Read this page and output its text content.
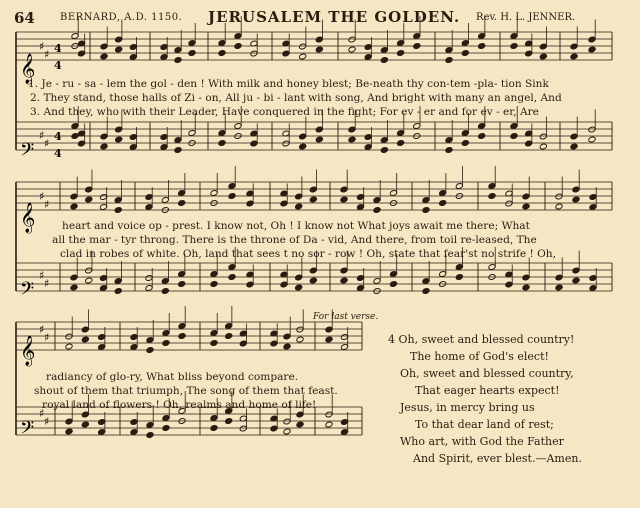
64	BERNARD, A.D. 1150. JERUSALEM THE GOLDEN. Rev. H. L. JENNER.
𝄞
𝄢
𝄞
𝄢
𝄞
𝄢
♯
♯
♯
♯
♯
♯
♯
♯
♯
♯
♯
♯
4
4
4
4
1. Je - ru - sa - lem the gol - den ! With milk and honey blest; Be-neath thy con-tem -pla- tion Sink
2. They stand, those halls of Zi - on, All ju - bi - lant with song, And bright with many an angel, And
3. And they, who with their Leader, Have conquered in the fight; For ev - er and for ev - er, Are
heart and voice op - prest. I know not, Oh ! I know not What joys await me there; What
all the mar - tyr throng. There is the throne of Da - vid, And there, from toil re-leased, The
clad in robes of white. Oh, land that sees t no sor - row ! Oh, state that fear'st no strife ! Oh,
radiancy of glo-ry, What bliss beyond compare.
shout of them that triumph, The song of them that feast.
royal land of flowers ! Oh, realms and home of life!
For last verse.
4 Oh, sweet and blessed country!
The home of God's elect!
Oh, sweet and blessed country,
That eager hearts expect!
Jesus, in mercy bring us
To that dear land of rest;
Who art, with God the Father
And Spirit, ever blest.—Amen.
